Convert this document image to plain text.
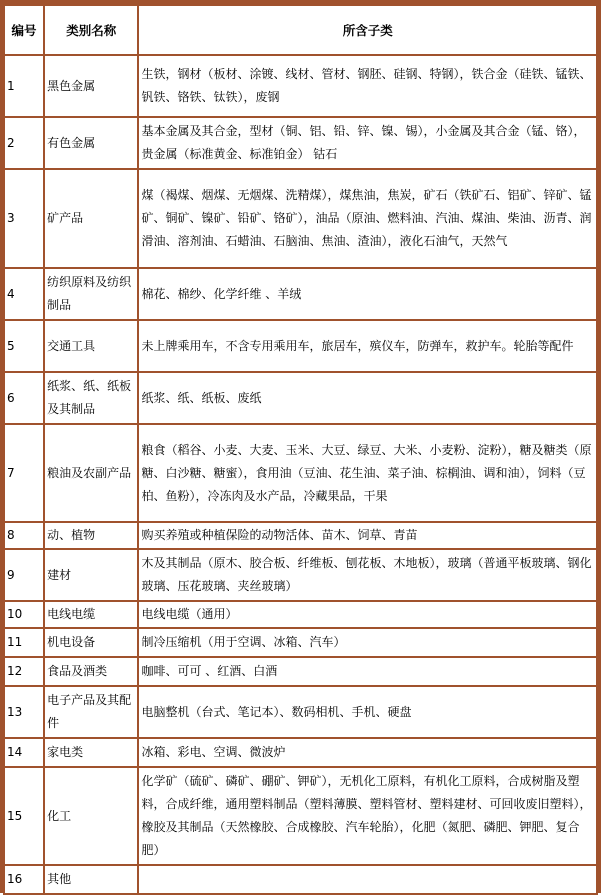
编号	类别名称	所含子类
1	黑色金属	生铁，钢材（板材、涂镀、线材、管材、钢胚、硅钢、特钢），铁合金（硅铁、锰铁、钒铁、铬铁、钛铁），废钢
2	有色金属	基本金属及其合金，型材（铜、铝、铅、锌、镍、锡），小金属及其合金（锰、铬），贵金属（标准黄金、标准铂金） 钴石
3	矿产品	煤（褐煤、烟煤、无烟煤、洗精煤），煤焦油，焦炭，矿石（铁矿石、铝矿、锌矿、锰矿、铜矿、镍矿、铅矿、铬矿），油品（原油、燃料油、汽油、煤油、柴油、沥青、润滑油、溶剂油、石蜡油、石脑油、焦油、渣油），液化石油气，天然气
4	纺织原料及纺织制品	棉花、棉纱、化学纤维 、羊绒
5	交通工具	未上牌乘用车，不含专用乘用车，旅居车，殡仪车，防弹车，救护车。轮胎等配件
6	纸浆、纸、纸板及其制品	纸浆、纸、纸板、废纸
7	粮油及农副产品	粮食（稻谷、小麦、大麦、玉米、大豆、绿豆、大米、小麦粉、淀粉），糖及糖类（原糖、白沙糖、糖蜜），食用油（豆油、花生油、菜子油、棕榈油、调和油），饲料（豆柏、鱼粉），冷冻肉及水产品，冷藏果品，干果
8	动、植物	购买养殖或种植保险的动物活体、苗木、饲草、青苗
9	建材	木及其制品（原木、胶合板、纤维板、刨花板、木地板），玻璃（普通平板玻璃、钢化玻璃、压花玻璃、夹丝玻璃）
10	电线电缆	电线电缆（通用）
11	机电设备	制冷压缩机（用于空调、冰箱、汽车）
12	食品及酒类	咖啡、可可 、红酒、白酒
13	电子产品及其配件	电脑整机（台式、笔记本）、数码相机、手机、硬盘
14	家电类	冰箱、彩电、空调、微波炉
15	化工	化学矿（硫矿、磷矿、硼矿、钾矿），无机化工原料，有机化工原料，合成树脂及塑料，合成纤维，通用塑料制品（塑料薄膜、塑料管材、塑料建材、可回收废旧塑料），橡胶及其制品（天然橡胶、合成橡胶、汽车轮胎），化肥（氮肥、磷肥、钾肥、复合肥）
16	其他	
